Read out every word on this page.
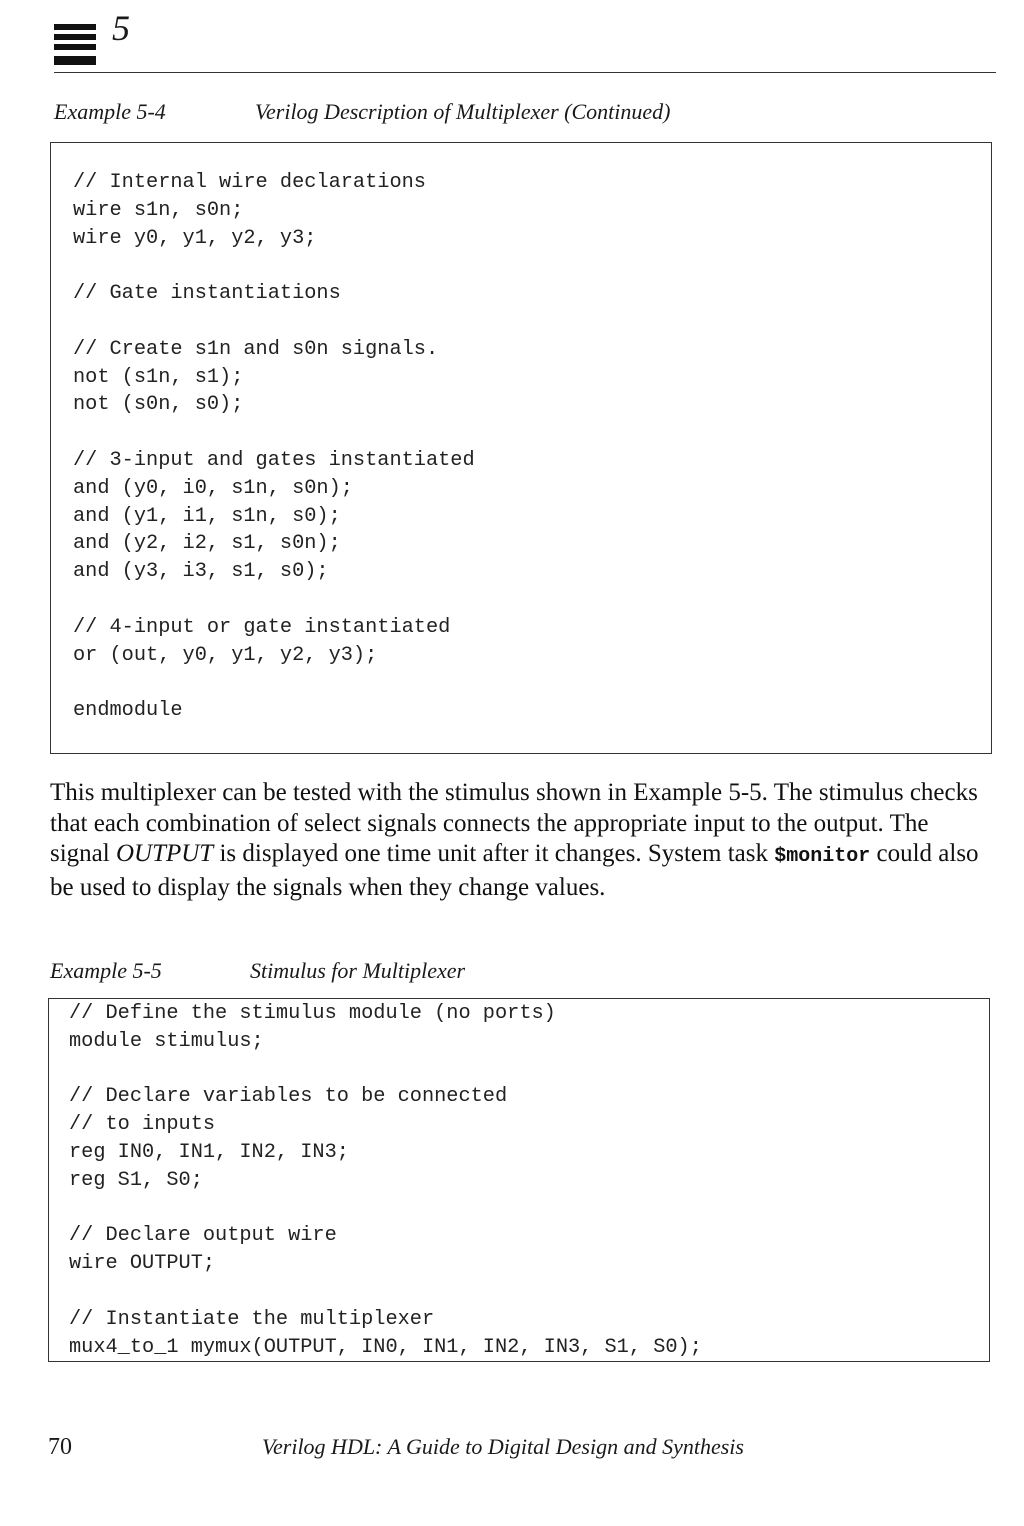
5
Example 5-4	Verilog Description of Multiplexer (Continued)
// Internal wire declarations
wire s1n, s0n;
wire y0, y1, y2, y3;

// Gate instantiations

// Create s1n and s0n signals.
not (s1n, s1);
not (s0n, s0);

// 3-input and gates instantiated
and (y0, i0, s1n, s0n);
and (y1, i1, s1n, s0);
and (y2, i2, s1, s0n);
and (y3, i3, s1, s0);

// 4-input or gate instantiated
or (out, y0, y1, y2, y3);

endmodule
This multiplexer can be tested with the stimulus shown in Example 5-5. The stimulus checks that each combination of select signals connects the appropriate input to the output. The signal OUTPUT is displayed one time unit after it changes. System task $monitor could also be used to display the signals when they change values.
Example 5-5	Stimulus for Multiplexer
// Define the stimulus module (no ports)
module stimulus;

// Declare variables to be connected
// to inputs
reg IN0, IN1, IN2, IN3;
reg S1, S0;

// Declare output wire
wire OUTPUT;

// Instantiate the multiplexer
mux4_to_1 mymux(OUTPUT, IN0, IN1, IN2, IN3, S1, S0);
70	Verilog HDL: A Guide to Digital Design and Synthesis
